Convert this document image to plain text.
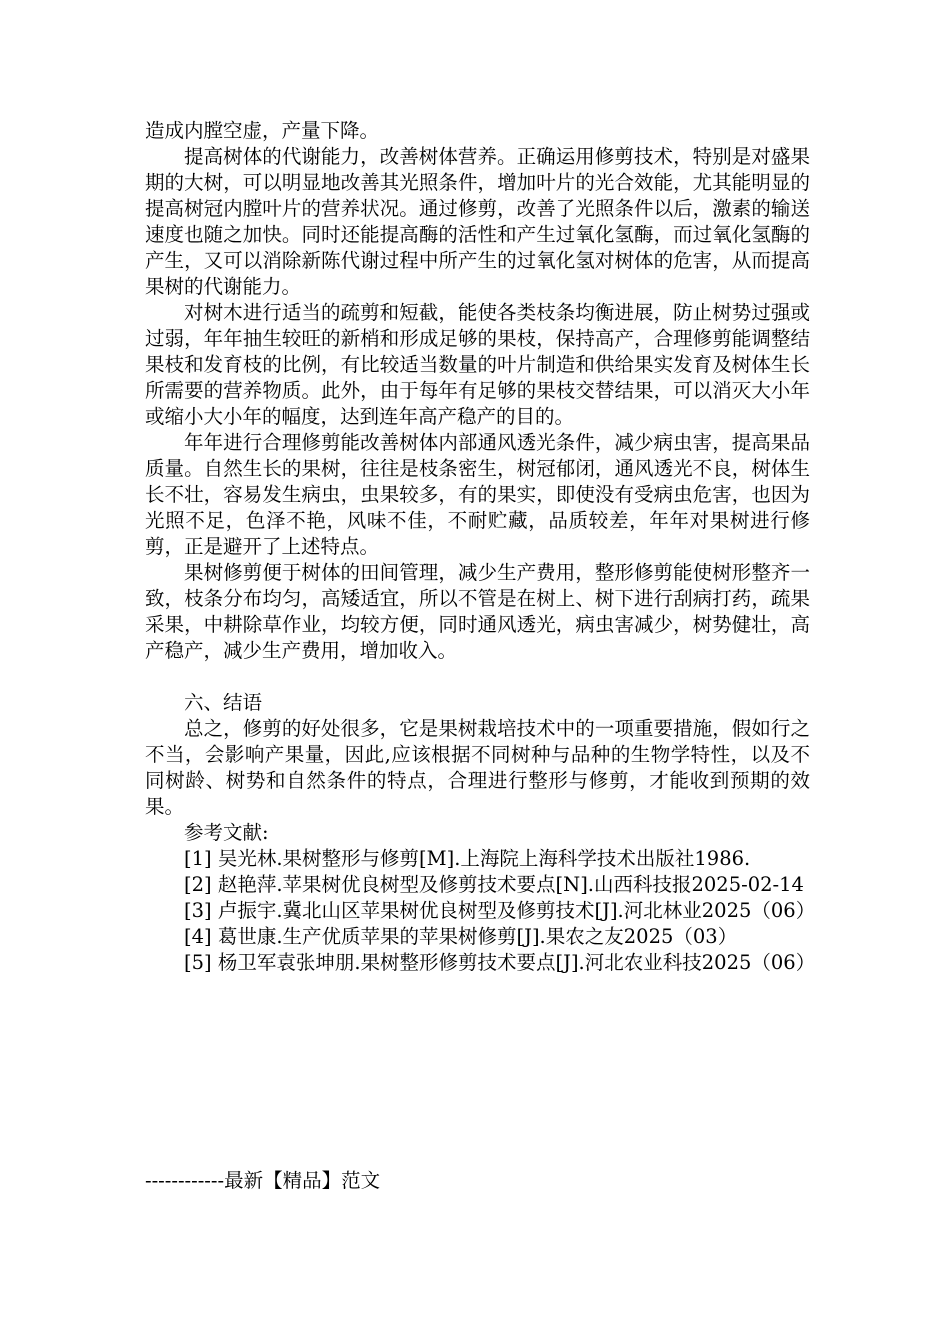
造成内膛空虚，产量下降。

提高树体的代谢能力，改善树体营养。正确运用修剪技术，特别是对盛果期的大树，可以明显地改善其光照条件，增加叶片的光合效能，尤其能明显的提高树冠内膛叶片的营养状况。通过修剪，改善了光照条件以后，激素的输送速度也随之加快。同时还能提高酶的活性和产生过氧化氢酶，而过氧化氢酶的产生，又可以消除新陈代谢过程中所产生的过氧化氢对树体的危害，从而提高果树的代谢能力。

对树木进行适当的疏剪和短截，能使各类枝条均衡进展，防止树势过强或过弱，年年抽生较旺的新梢和形成足够的果枝，保持高产，合理修剪能调整结果枝和发育枝的比例，有比较适当数量的叶片制造和供给果实发育及树体生长所需要的营养物质。此外，由于每年有足够的果枝交替结果，可以消灭大小年或缩小大小年的幅度，达到连年高产稳产的目的。

年年进行合理修剪能改善树体内部通风透光条件，减少病虫害，提高果品质量。自然生长的果树，往往是枝条密生，树冠郁闭，通风透光不良，树体生长不壮，容易发生病虫，虫果较多，有的果实，即使没有受病虫危害，也因为光照不足，色泽不艳，风味不佳，不耐贮藏，品质较差，年年对果树进行修剪，正是避开了上述特点。

果树修剪便于树体的田间管理，减少生产费用，整形修剪能使树形整齐一致，枝条分布均匀，高矮适宜，所以不管是在树上、树下进行刮病打药，疏果采果，中耕除草作业，均较方便，同时通风透光，病虫害减少，树势健壮，高产稳产，减少生产费用，增加收入。

六、结语

总之，修剪的好处很多，它是果树栽培技术中的一项重要措施，假如行之不当，会影响产果量，因此,应该根据不同树种与品种的生物学特性，以及不同树龄、树势和自然条件的特点，合理进行整形与修剪，才能收到预期的效果。

参考文献:

[1] 吴光林.果树整形与修剪[M].上海院上海科学技术出版社1986.

[2] 赵艳萍.苹果树优良树型及修剪技术要点[N].山西科技报2025-02-14

[3] 卢振宇.冀北山区苹果树优良树型及修剪技术[J].河北林业2025（06）

[4] 葛世康.生产优质苹果的苹果树修剪[J].果农之友2025（03）

[5] 杨卫军袁张坤朋.果树整形修剪技术要点[J].河北农业科技2025（06）

------------最新【精品】范文
